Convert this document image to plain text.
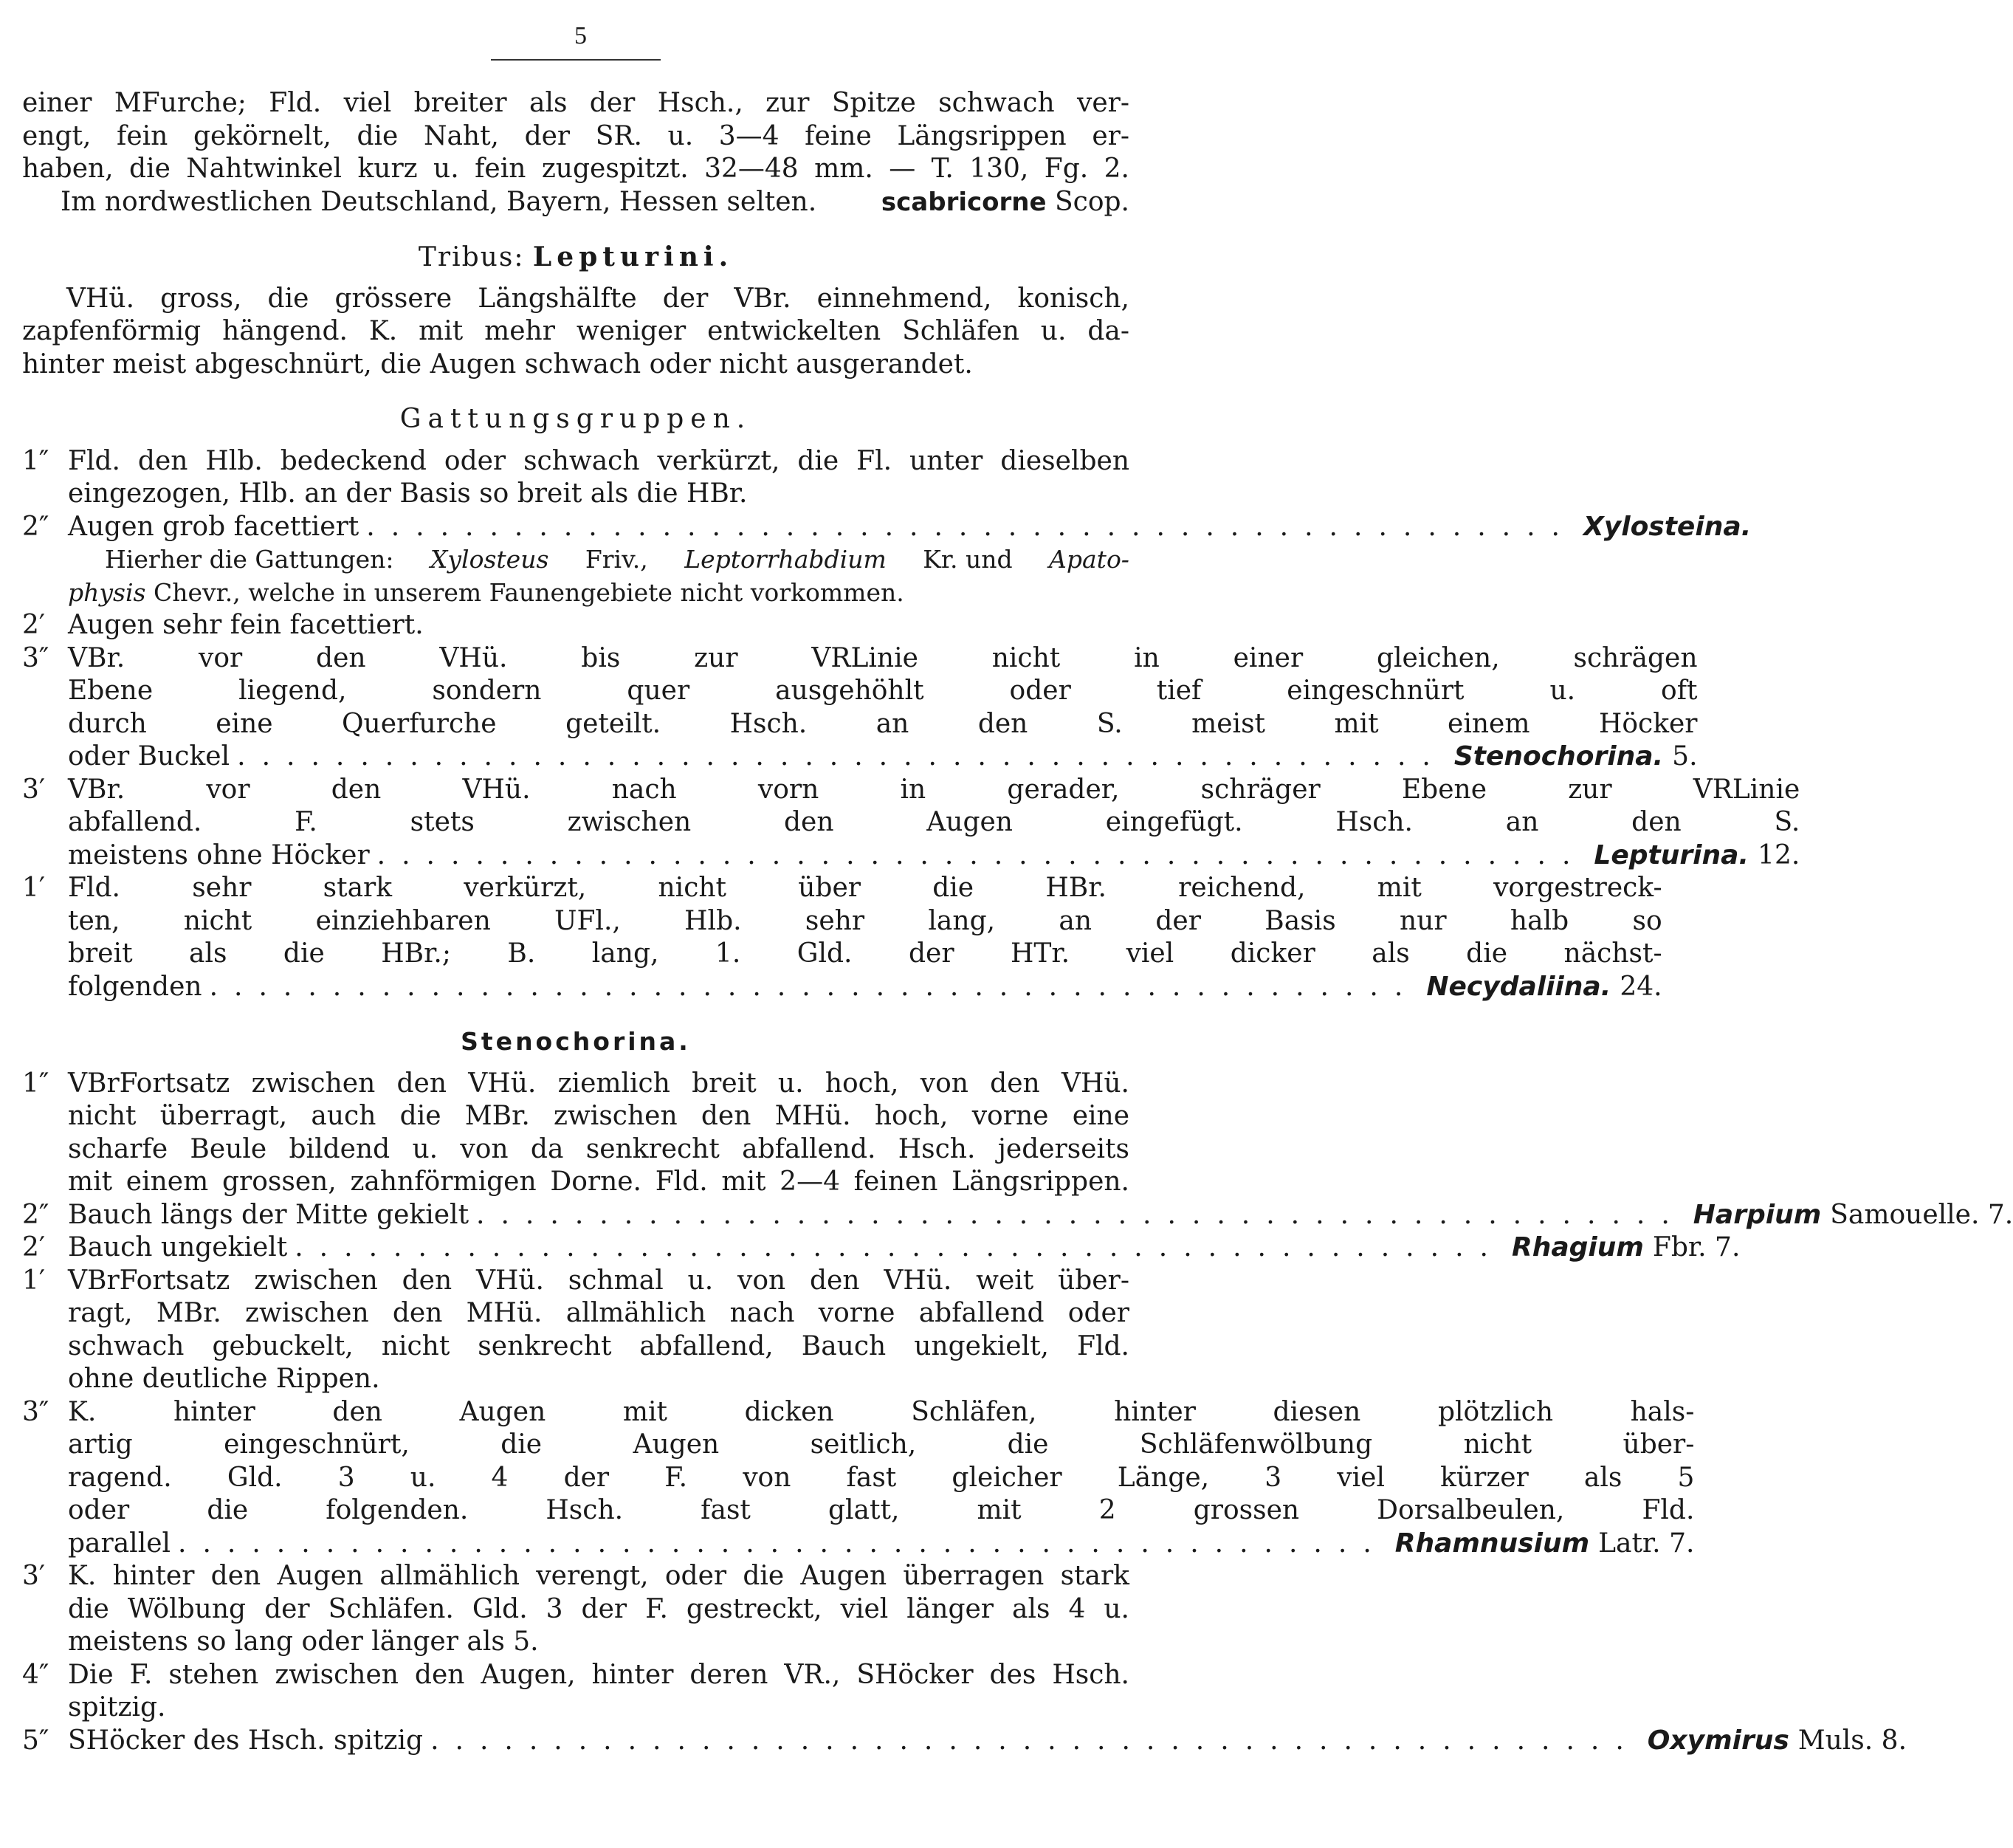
5
einer MFurche; Fld. viel breiter als der Hsch., zur Spitze schwach ver-
engt, fein gekörnelt, die Naht, der SR. u. 3—4 feine Längsrippen er-
haben, die Nahtwinkel kurz u. fein zugespitzt. 32—48 mm. — T. 130, Fg. 2.
Im nordwestlichen Deutschland, Bayern, Hessen selten.	scabricorne Scop.
Tribus: Lepturini.
VHü. gross, die grössere Längshälfte der VBr. einnehmend, konisch,
zapfenförmig hängend. K. mit mehr weniger entwickelten Schläfen u. da-
hinter meist abgeschnürt, die Augen schwach oder nicht ausgerandet.
Gattungsgruppen.
1″ Fld. den Hlb. bedeckend oder schwach verkürzt, die Fl. unter dieselben
eingezogen, Hlb. an der Basis so breit als die HBr.
2″ Augen grob facettiert ................................................. Xylosteina.
Hierher die Gattungen: Xylosteus Friv., Leptorrhabdium Kr. und Apato-
physis Chevr., welche in unserem Faunengebiete nicht vorkommen.
2′ Augen sehr fein facettiert.
3″ VBr. vor den VHü. bis zur VRLinie nicht in einer gleichen, schrägen
Ebene liegend, sondern quer ausgehöhlt oder tief eingeschnürt u. oft
durch eine Querfurche geteilt. Hsch. an den S. meist mit einem Höcker
oder Buckel ................................................. Stenochorina. 5.
3′ VBr. vor den VHü. nach vorn in gerader, schräger Ebene zur VRLinie
abfallend. F. stets zwischen den Augen eingefügt. Hsch. an den S.
meistens ohne Höcker ................................................. Lepturina. 12.
1′ Fld. sehr stark verkürzt, nicht über die HBr. reichend, mit vorgestreck-
ten, nicht einziehbaren UFl., Hlb. sehr lang, an der Basis nur halb so
breit als die HBr.; B. lang, 1. Gld. der HTr. viel dicker als die nächst-
folgenden ................................................. Necydaliina. 24.
Stenochorina.
1″ VBrFortsatz zwischen den VHü. ziemlich breit u. hoch, von den VHü.
nicht überragt, auch die MBr. zwischen den MHü. hoch, vorne eine
scharfe Beule bildend u. von da senkrecht abfallend. Hsch. jederseits
mit einem grossen, zahnförmigen Dorne. Fld. mit 2—4 feinen Längsrippen.
2″ Bauch längs der Mitte gekielt ................................................. Harpium Samouelle. 7.
2′ Bauch ungekielt ................................................. Rhagium Fbr. 7.
1′ VBrFortsatz zwischen den VHü. schmal u. von den VHü. weit über-
ragt, MBr. zwischen den MHü. allmählich nach vorne abfallend oder
schwach gebuckelt, nicht senkrecht abfallend, Bauch ungekielt, Fld.
ohne deutliche Rippen.
3″ K. hinter den Augen mit dicken Schläfen, hinter diesen plötzlich hals-
artig eingeschnürt, die Augen seitlich, die Schläfenwölbung nicht über-
ragend. Gld. 3 u. 4 der F. von fast gleicher Länge, 3 viel kürzer als 5
oder die folgenden. Hsch. fast glatt, mit 2 grossen Dorsalbeulen, Fld.
parallel ................................................. Rhamnusium Latr. 7.
3′ K. hinter den Augen allmählich verengt, oder die Augen überragen stark
die Wölbung der Schläfen. Gld. 3 der F. gestreckt, viel länger als 4 u.
meistens so lang oder länger als 5.
4″ Die F. stehen zwischen den Augen, hinter deren VR., SHöcker des Hsch.
spitzig.
5″ SHöcker des Hsch. spitzig ................................................. Oxymirus Muls. 8.
